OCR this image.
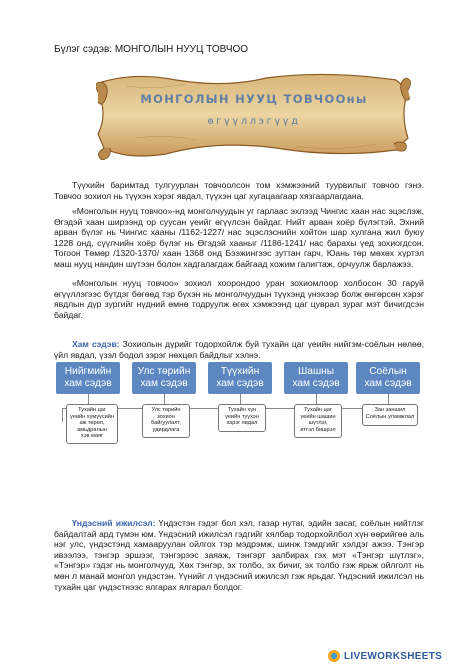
Бүлэг сэдэв: МОНГОЛЫН НУУЦ ТОВЧОО
МОНГОЛЫН НУУЦ ТОВЧООны
өгүүллэгүүд

Түүхийн баримтад тулгуурлан товчоолсон том хэмжээний туурвилыг товчоо гэнэ. Товчоо зохиол нь түүхэн хэрэг явдал, түүхэн цаг хугацаагаар хязгаарлагдана.

«Монголын нууц товчоо»-нд монголчуудын уг гарлаас эхлээд Чингис хаан нас эцэслэж, Өгэдэй хаан ширээнд ор суусан үеийг өгүүлсэн байдаг. Нийт арван хоёр бүлэгтэй. Эхний арван бүлэг нь Чингис хааны /1162-1227/ нас эцэслэснийн хойтон шар хулгана жил буюу 1228 онд, сүүлчийн хоёр бүлэг нь Өгэдэй хааныг /1186-1241/ нас барахы үед зохиогдсон. Тогоон Төмөр /1320-1370/ хаан 1368 онд Бээжингээс зуттан гарч, Юань төр мөхөх хүртэл маш нууц нандин шүтээн болон хадгалагдаж байгаад хожим галигтаж, орчуулж барлажээ.

«Монголын нууц товчоо» зохиол хоорондоо уран зохиомлоор холбосон 30 гаруй өгүүллэгээс бүтдэг бөгөөд тэр бүхэн нь монголчуудын түүхэнд үнэхээр болж өнгөрсөн хэрэг явдлын дүр зургийг нүдний өмнө тодруулж өгөх хэмжээнд цаг цуврал зураг мэт бичигдсэн байдаг.

Хам сэдэв: Зохиолын дүрийг тодорхойлж буй тухайн цаг үеийн нийгэм-соёлын нөлөө, үйл явдал, үзэл бодол зэрэг нөхцөл байдлыг хэлнэ.

Нийгмийн
хам сэдэв
Тухайн цаг
үеийн хүмүүсийн
аж төрөл,
амьдралын
хэв маяг
Улс төрийн
хам сэдэв
Улс төрийн
зохион
байгуулалт,
удирдлага
Түүхийн
хам сэдэв
Тухайн хүн
үеийн түүхэн
хэрэг явдал
Шашны
хам сэдэв
Тухайн цаг
үеийн шашин
шүтлэг,
итгэл бишрэл
Соёлын
хам сэдэв
Зан заншил
Соёлын уламжлал

Үндэсний ижилсэл: Үндэстэн гэдэг бол хэл, газар нутаг, эдийн засаг, соёлын нийтлэг байдалтай ард түмэн юм. Үндэсний ижилсэл гэдгийг хялбар тодорхойлбол хүн өөрийгөө аль нэг улс, үндэстэнд хамааруулан ойлгох тэр мэдрэмж, шинж тэмдгийг хэлдэг ажээ. Тэнгэр ивээлээ, тэнгэр эршээг, тэнгэрээс заяаж, тэнгэрт залбирах гэх мэт «Тэнгэр шүтлэг», «Тэнгэр» гэдэг нь монголчууд, Хөх тэнгэр, эх толбо, эх бичиг, эх толбо гэж ярьж ойлголт нь мөн л манай монгол үндэстэн. Үүнийг л үндэсний ижилсэл гэж ярьдаг. Үндэсний ижилсэл нь тухайн цаг үндэстнээс ялгарах ялгарал болдог.

LIVEWORKSHEETS
